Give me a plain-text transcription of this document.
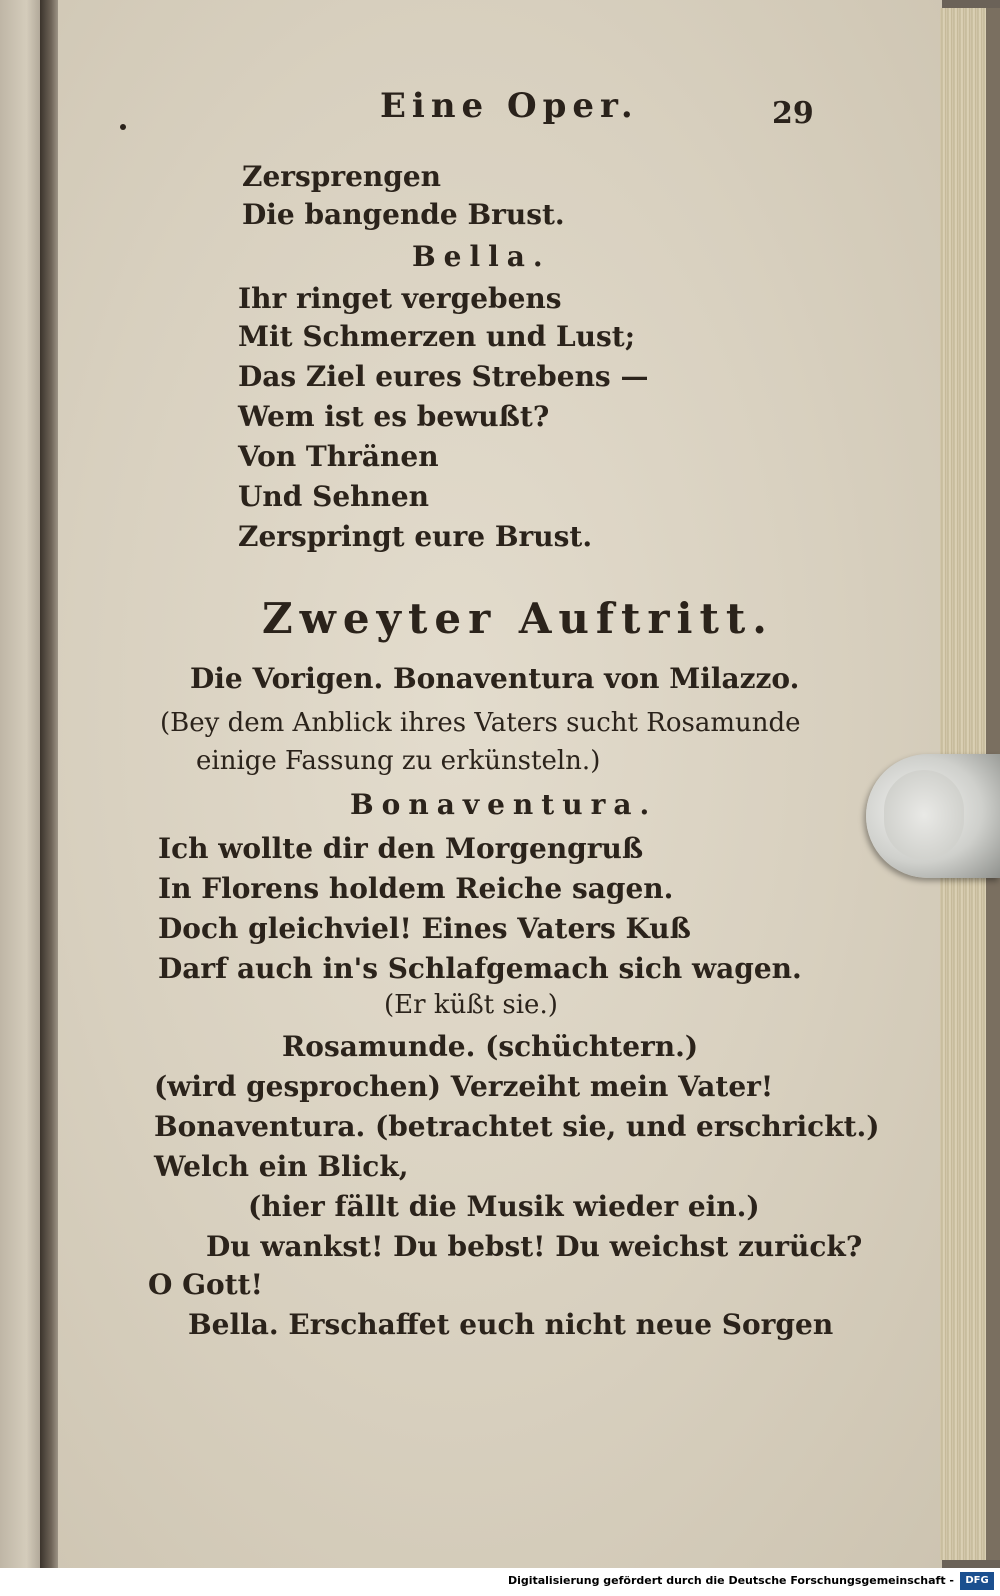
Eine Oper.	29
Zersprengen
Die bangende Brust.
Bella.
Ihr ringet vergebens
Mit Schmerzen und Lust;
Das Ziel eures Strebens —
Wem ist es bewußt?
Von Thränen
Und Sehnen
Zerspringt eure Brust.
Zweyter Auftritt.
Die Vorigen. Bonaventura von Milazzo.
(Bey dem Anblick ihres Vaters sucht Rosamunde
einige Fassung zu erkünsteln.)
Bonaventura.
Ich wollte dir den Morgengruß
In Florens holdem Reiche sagen.
Doch gleichviel! Eines Vaters Kuß
Darf auch in's Schlafgemach sich wagen.
(Er küßt sie.)
Rosamunde. (schüchtern.)
(wird gesprochen) Verzeiht mein Vater!
Bonaventura. (betrachtet sie, und erschrickt.)
Welch ein Blick,
(hier fällt die Musik wieder ein.)
Du wankst! Du bebst! Du weichst zurück?
O Gott!
Bella. Erschaffet euch nicht neue Sorgen
Digitalisierung gefördert durch die Deutsche Forschungsgemeinschaft -	DFG
